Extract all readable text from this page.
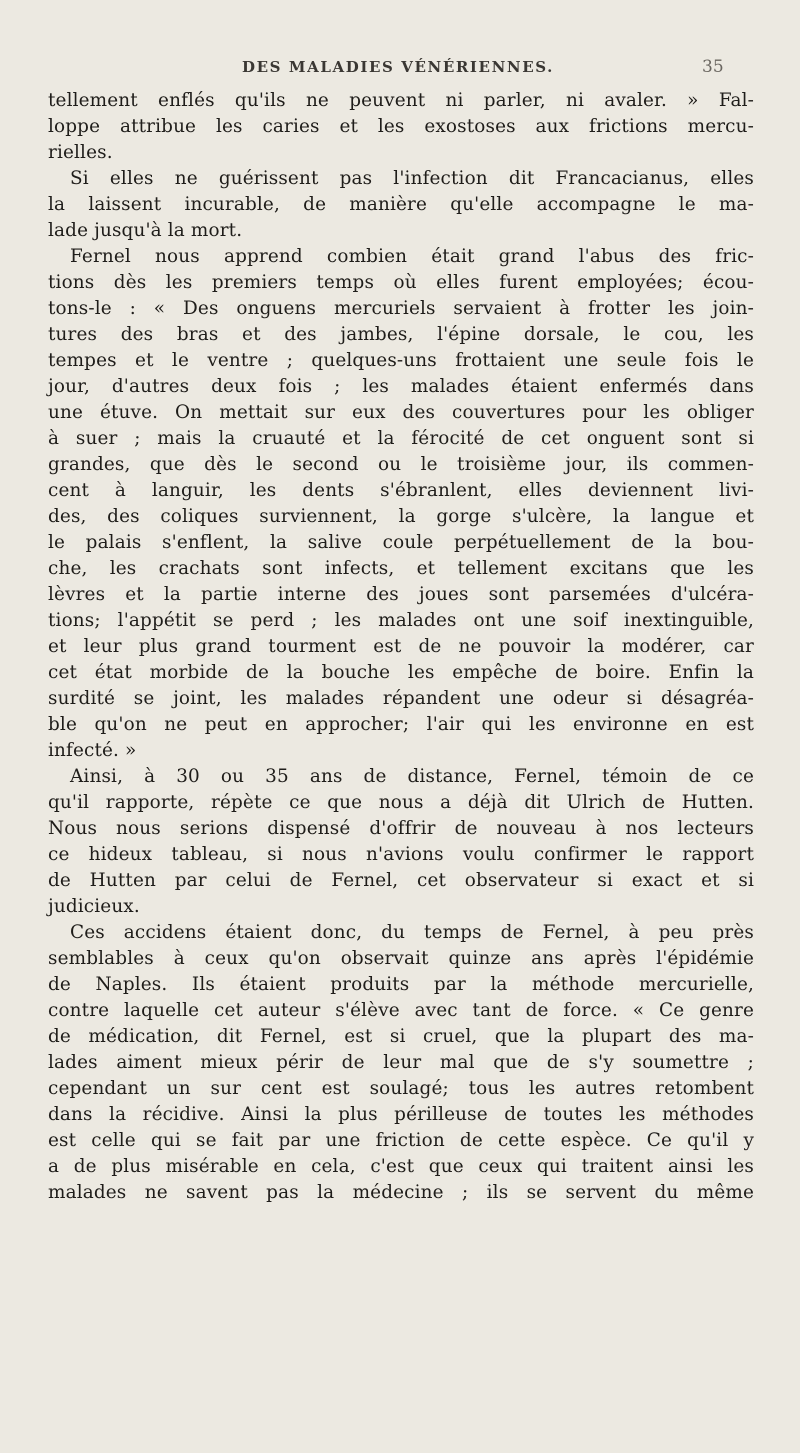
DES MALADIES VÉNÉRIENNES.	35
tellement enflés qu'ils ne peuvent ni parler, ni avaler. » Fal-
loppe attribue les caries et les exostoses aux frictions mercu-
rielles.
Si elles ne guérissent pas l'infection dit Francacianus, elles
la laissent incurable, de manière qu'elle accompagne le ma-
lade jusqu'à la mort.
Fernel nous apprend combien était grand l'abus des fric-
tions dès les premiers temps où elles furent employées; écou-
tons-le : « Des onguens mercuriels servaient à frotter les join-
tures des bras et des jambes, l'épine dorsale, le cou, les
tempes et le ventre ; quelques-uns frottaient une seule fois le
jour, d'autres deux fois ; les malades étaient enfermés dans
une étuve. On mettait sur eux des couvertures pour les obliger
à suer ; mais la cruauté et la férocité de cet onguent sont si
grandes, que dès le second ou le troisième jour, ils commen-
cent à languir, les dents s'ébranlent, elles deviennent livi-
des, des coliques surviennent, la gorge s'ulcère, la langue et
le palais s'enflent, la salive coule perpétuellement de la bou-
che, les crachats sont infects, et tellement excitans que les
lèvres et la partie interne des joues sont parsemées d'ulcéra-
tions; l'appétit se perd ; les malades ont une soif inextinguible,
et leur plus grand tourment est de ne pouvoir la modérer, car
cet état morbide de la bouche les empêche de boire. Enfin la
surdité se joint, les malades répandent une odeur si désagréa-
ble qu'on ne peut en approcher; l'air qui les environne en est
infecté. »
Ainsi, à 30 ou 35 ans de distance, Fernel, témoin de ce
qu'il rapporte, répète ce que nous a déjà dit Ulrich de Hutten.
Nous nous serions dispensé d'offrir de nouveau à nos lecteurs
ce hideux tableau, si nous n'avions voulu confirmer le rapport
de Hutten par celui de Fernel, cet observateur si exact et si
judicieux.
Ces accidens étaient donc, du temps de Fernel, à peu près
semblables à ceux qu'on observait quinze ans après l'épidémie
de Naples. Ils étaient produits par la méthode mercurielle,
contre laquelle cet auteur s'élève avec tant de force. « Ce genre
de médication, dit Fernel, est si cruel, que la plupart des ma-
lades aiment mieux périr de leur mal que de s'y soumettre ;
cependant un sur cent est soulagé; tous les autres retombent
dans la récidive. Ainsi la plus périlleuse de toutes les méthodes
est celle qui se fait par une friction de cette espèce. Ce qu'il y
a de plus misérable en cela, c'est que ceux qui traitent ainsi les
malades ne savent pas la médecine ; ils se servent du même
